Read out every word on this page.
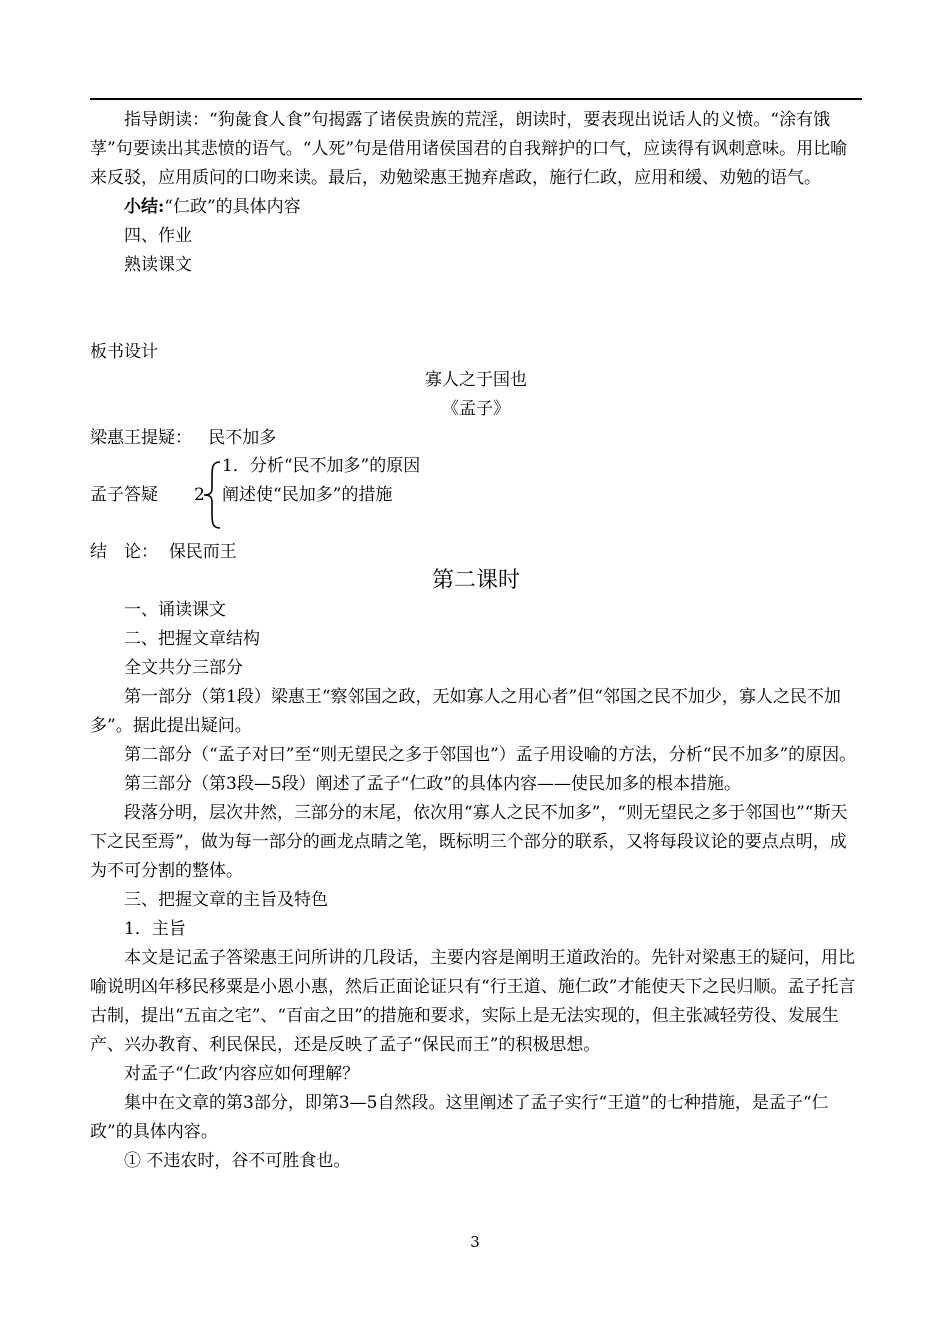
指导朗读：“狗彘食人食”句揭露了诸侯贵族的荒淫，朗读时，要表现出说话人的义愤。“涂有饿莩”句要读出其悲愤的语气。“人死”句是借用诸侯国君的自我辩护的口气，应读得有讽刺意味。用比喻来反驳，应用质问的口吻来读。最后，劝勉梁惠王抛弃虐政，施行仁政，应用和缓、劝勉的语气。

小结:“仁政”的具体内容

四、作业

熟读课文

板书设计
寡人之于国也
《孟子》
梁惠王提疑： 民不加多
1．分析“民不加多”的原因
孟子答疑 2 阐述使“民加多”的措施
结　论： 保民而王
第二课时

一、诵读课文

二、把握文章结构

全文共分三部分

第一部分（第1段）梁惠王“察邻国之政，无如寡人之用心者”但“邻国之民不加少，寡人之民不加多”。据此提出疑问。

第二部分（“孟子对曰”至“则无望民之多于邻国也”）孟子用设喻的方法，分析“民不加多”的原因。

第三部分（第3段—5段）阐述了孟子“仁政”的具体内容——使民加多的根本措施。

段落分明，层次井然，三部分的末尾，依次用“寡人之民不加多”，“则无望民之多于邻国也”“斯天下之民至焉”，做为每一部分的画龙点睛之笔，既标明三个部分的联系，又将每段议论的要点点明，成为不可分割的整体。

三、把握文章的主旨及特色

1．主旨

本文是记孟子答梁惠王问所讲的几段话，主要内容是阐明王道政治的。先针对梁惠王的疑问，用比喻说明凶年移民移粟是小恩小惠，然后正面论证只有“行王道、施仁政”才能使天下之民归顺。孟子托言古制，提出“五亩之宅”、“百亩之田”的措施和要求，实际上是无法实现的，但主张减轻劳役、发展生产、兴办教育、利民保民，还是反映了孟子“保民而王”的积极思想。

对孟子“仁政’内容应如何理解？

集中在文章的第3部分，即第3—5自然段。这里阐述了孟子实行“王道”的七种措施，是孟子“仁政”的具体内容。

① 不违农时，谷不可胜食也。

3
